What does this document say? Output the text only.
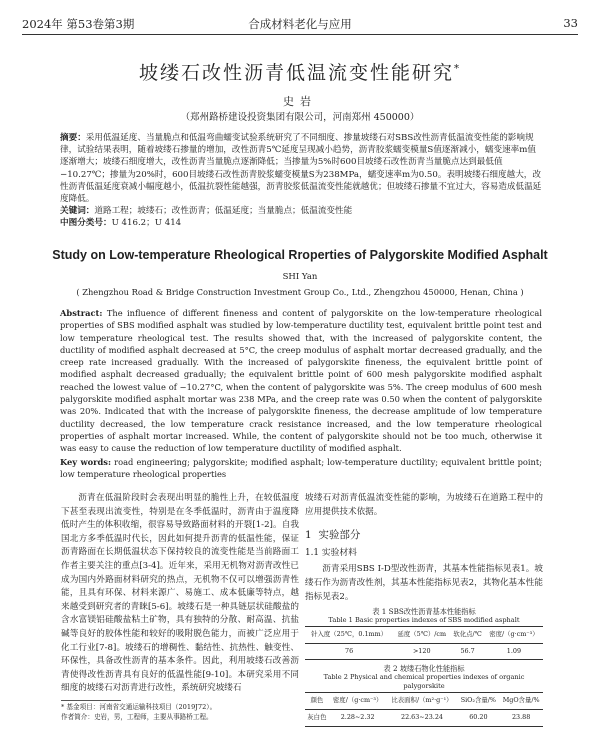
2024年 第53卷第3期	合成材料老化与应用	33
坡缕石改性沥青低温流变性能研究*
史岩
（郑州路桥建设投资集团有限公司，河南郑州 450000）
摘要：采用低温延度、当量脆点和低温弯曲蠕变试验系统研究了不同细度、掺量坡缕石对SBS改性沥青低温流变性能的影响规律，试验结果表明，随着坡缕石掺量的增加，改性沥青5℃延度呈现减小趋势，沥青胶浆蠕变模量S值逐渐减小，蠕变速率m值逐渐增大；坡缕石细度增大，改性沥青当量脆点逐渐降低；当掺量为5%时600目坡缕石改性沥青当量脆点达到最低值 −10.27℃；掺量为20%时，600目坡缕石改性沥青胶浆蠕变模量S为238MPa，蠕变速率m为0.50。表明坡缕石细度越大，改性沥青低温延度衰减小幅度越小，低温抗裂性能越强，沥青胶浆低温流变性能就越优；但坡缕石掺量不宜过大，容易造成低温延度降低。
关键词：道路工程；坡缕石；改性沥青；低温延度；当量脆点；低温流变性能
中图分类号：U 416.2；U 414
Study on Low-temperature Rheological Rroperties of Palygorskite Modified Asphalt
SHI Yan
( Zhengzhou Road & Bridge Construction Investment Group Co., Ltd., Zhengzhou 450000, Henan, China )
Abstract: The influence of different fineness and content of palygorskite on the low-temperature rheological properties of SBS modified asphalt was studied by low-temperature ductility test, equivalent brittle point test and low temperature rheological test. The results showed that, with the increased of palygorskite content, the ductility of modified asphalt decreased at 5°C, the creep modulus of asphalt mortar decreased gradually, and the creep rate increased gradually. With the increased of palygorskite fineness, the equivalent brittle point of modified asphalt decreased gradually; the equivalent brittle point of 600 mesh palygorskite modified asphalt reached the lowest value of −10.27°C, when the content of palygorskite was 5%. The creep modulus of 600 mesh palygorskite modified asphalt mortar was 238 MPa, and the creep rate was 0.50 when the content of palygorskite was 20%. Indicated that with the increase of palygorskite fineness, the decrease amplitude of low temperature ductility decreased, the low temperature crack resistance increased, and the low temperature rheological properties of asphalt mortar increased. While, the content of palygorskite should not be too much, otherwise it was easy to cause the reduction of low temperature ductility of modified asphalt.
Key words: road engineering; palygorskite; modified asphalt; low-temperature ductility; equivalent brittle point; low temperature rheological properties
沥青在低温阶段时会表现出明显的脆性上升，在较低温度下甚至表现出流变性，特别是在冬季低温时，沥青由于温度降低时产生的体积收缩，很容易导致路面材料的开裂[1-2]。自我国北方多季低温时代长，因此如何提升沥青的低温性能，保证沥青路面在长期低温状态下保持较良的流变性能是当前路面工作者主要关注的重点[3-4]。近年来，采用无机物对沥青改性已成为国内外路面材料研究的热点，无机物不仅可以增强沥青性能，且具有环保、材料来源广、易施工、成本低廉等特点，越来越受到研究者的青睐[5-6]。坡缕石是一种具链层状硅酸盐的含水富镁铝硅酸盐粘土矿物，具有独特的分散、耐高温、抗盐碱等良好的胶体性能和较好的吸附脱色能力，而被广泛应用于化工行业[7-8]。坡缕石的增稠性、黏结性、抗热性、触变性、环保性，具备改性沥青的基本条件。因此，利用坡缕石改善沥青使得改性沥青具有良好的低温性能[9-10]。本研究采用不同细度的坡缕石对沥青进行改性，系统研究坡缕石
坡缕石对沥青低温流变性能的影响，为坡缕石在道路工程中的应用提供技术依据。
1 实验部分
1.1 实验材料
沥青采用SBS I-D型改性沥青，其基本性能指标见表1。坡缕石作为沥青改性剂，其基本性能指标见表2，其物化基本性能指标见表2。
表 1 SBS改性沥青基本性能指标
Table 1 Basic properties indexes of SBS modified asphalt
针入度（25℃，0.1mm）	延度（5℃）/cm	软化点/℃	密度/（g·cm⁻³）
76	>120	56.7	1.09
表 2 坡缕石物化性能指标
Table 2 Physical and chemical properties indexes of organic palygorskite
颜色	密度/（g·cm⁻³）	比表面积/（m²·g⁻¹）	SiO₂含量/%	MgO含量/%
灰白色	2.28~2.32	22.63~23.24	60.20	23.88
* 基金项目：河南省交通运输科技项目（2019J72）。
作者简介：史岩，男，工程师，主要从事路桥工程。
